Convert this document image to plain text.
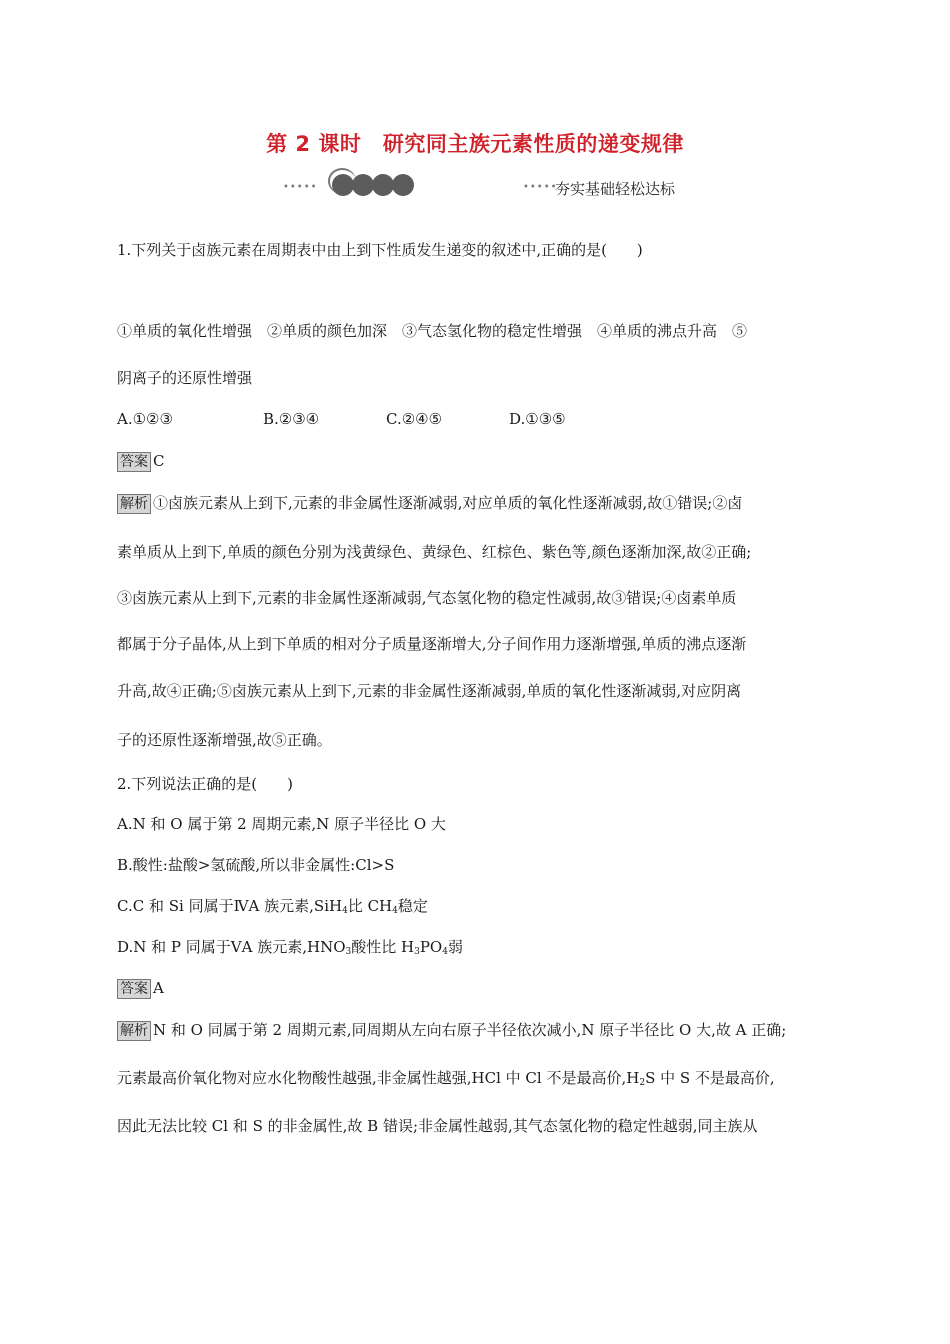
第 2 课时　研究同主族元素性质的递变规律
•••••	•••••
夯实基础轻松达标
1.下列关于卤族元素在周期表中由上到下性质发生递变的叙述中,正确的是(　　)
①单质的氧化性增强　②单质的颜色加深　③气态氢化物的稳定性增强　④单质的沸点升高　⑤
阴离子的还原性增强
A.①②③	B.②③④	C.②④⑤	D.①③⑤
答案 C
解析 ①卤族元素从上到下,元素的非金属性逐渐减弱,对应单质的氧化性逐渐减弱,故①错误;②卤
素单质从上到下,单质的颜色分别为浅黄绿色、黄绿色、红棕色、紫色等,颜色逐渐加深,故②正确;
③卤族元素从上到下,元素的非金属性逐渐减弱,气态氢化物的稳定性减弱,故③错误;④卤素单质
都属于分子晶体,从上到下单质的相对分子质量逐渐增大,分子间作用力逐渐增强,单质的沸点逐渐
升高,故④正确;⑤卤族元素从上到下,元素的非金属性逐渐减弱,单质的氧化性逐渐减弱,对应阴离
子的还原性逐渐增强,故⑤正确。
2.下列说法正确的是(　　)
A.N 和 O 属于第 2 周期元素,N 原子半径比 O 大
B.酸性:盐酸>氢硫酸,所以非金属性:Cl>S
C.C 和 Si 同属于ⅣA 族元素,SiH$_4$比 $CH_4$稳定
D.N 和 P 同属于ⅤA 族元素$,HNO_3$酸性比 $H_3PO_4$弱
答案 A
解析 N 和 O 同属于第 2 周期元素,同周期从左向右原子半径依次减小,N 原子半径比 O 大,故 A 正确;
元素最高价氧化物对应水化物酸性越强,非金属性越强,HCl 中 Cl 不是最高价$,H_2S$ 中 S 不是最高价,
因此无法比较 Cl 和 S 的非金属性,故 B 错误;非金属性越弱,其气态氢化物的稳定性越弱,同主族从
